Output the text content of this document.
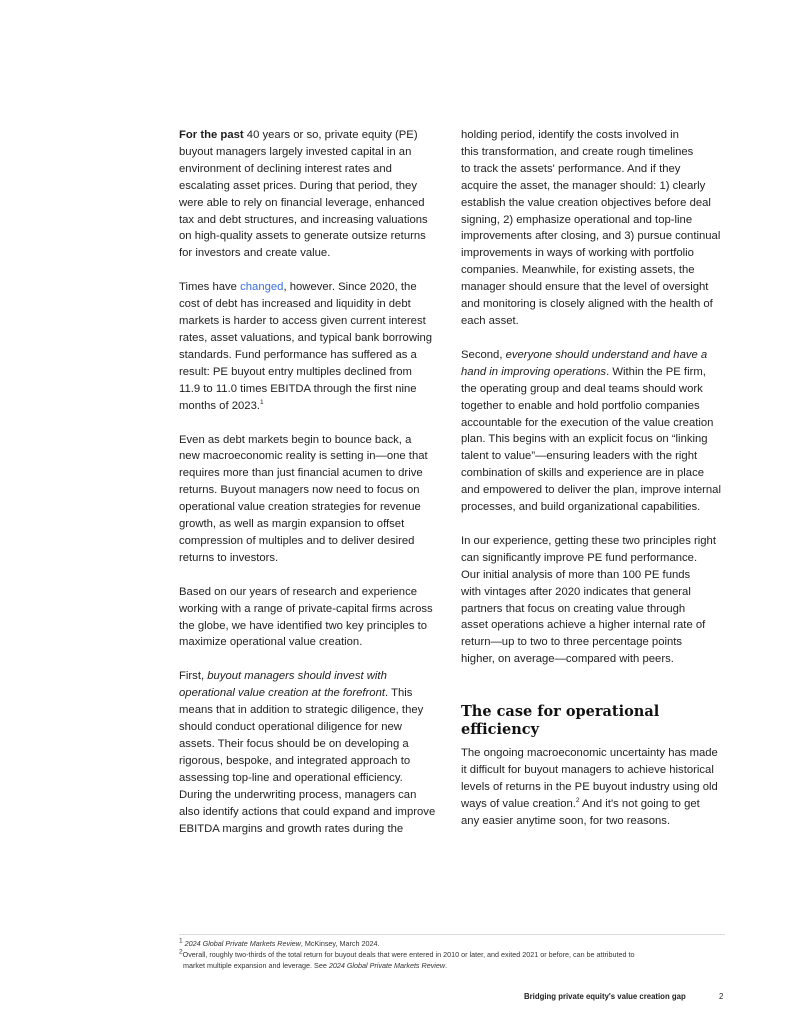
For the past 40 years or so, private equity (PE)
buyout managers largely invested capital in an
environment of declining interest rates and
escalating asset prices. During that period, they
were able to rely on financial leverage, enhanced
tax and debt structures, and increasing valuations
on high-quality assets to generate outsize returns
for investors and create value.

Times have changed, however. Since 2020, the
cost of debt has increased and liquidity in debt
markets is harder to access given current interest
rates, asset valuations, and typical bank borrowing
standards. Fund performance has suffered as a
result: PE buyout entry multiples declined from
11.9 to 11.0 times EBITDA through the first nine
months of 2023.$^1$

Even as debt markets begin to bounce back, a
new macroeconomic reality is setting in—one that
requires more than just financial acumen to drive
returns. Buyout managers now need to focus on
operational value creation strategies for revenue
growth, as well as margin expansion to offset
compression of multiples and to deliver desired
returns to investors.

Based on our years of research and experience
working with a range of private-capital firms across
the globe, we have identified two key principles to
maximize operational value creation.

First, buyout managers should invest with
operational value creation at the forefront. This
means that in addition to strategic diligence, they
should conduct operational diligence for new
assets. Their focus should be on developing a
rigorous, bespoke, and integrated approach to
assessing top-line and operational efficiency.
During the underwriting process, managers can
also identify actions that could expand and improve
EBITDA margins and growth rates during the

holding period, identify the costs involved in
this transformation, and create rough timelines
to track the assets' performance. And if they
acquire the asset, the manager should: 1) clearly
establish the value creation objectives before deal
signing, 2) emphasize operational and top-line
improvements after closing, and 3) pursue continual
improvements in ways of working with portfolio
companies. Meanwhile, for existing assets, the
manager should ensure that the level of oversight
and monitoring is closely aligned with the health of
each asset.

Second, everyone should understand and have a
hand in improving operations. Within the PE firm,
the operating group and deal teams should work
together to enable and hold portfolio companies
accountable for the execution of the value creation
plan. This begins with an explicit focus on “linking
talent to value”—ensuring leaders with the right
combination of skills and experience are in place
and empowered to deliver the plan, improve internal
processes, and build organizational capabilities.

In our experience, getting these two principles right
can significantly improve PE fund performance.
Our initial analysis of more than 100 PE funds
with vintages after 2020 indicates that general
partners that focus on creating value through
asset operations achieve a higher internal rate of
return—up to two to three percentage points
higher, on average—compared with peers.

The case for operational efficiency

The ongoing macroeconomic uncertainty has made
it difficult for buyout managers to achieve historical
levels of returns in the PE buyout industry using old
ways of value creation.$^2$ And it's not going to get
any easier anytime soon, for two reasons.

$^1$ 2024 Global Private Markets Review, McKinsey, March 2024.

$^2$Overall, roughly two-thirds of the total return for buyout deals that were entered in 2010 or later, and exited 2021 or before, can be attributed to
market multiple expansion and leverage. See 2024 Global Private Markets Review.

Bridging private equity's value creation gap	2
